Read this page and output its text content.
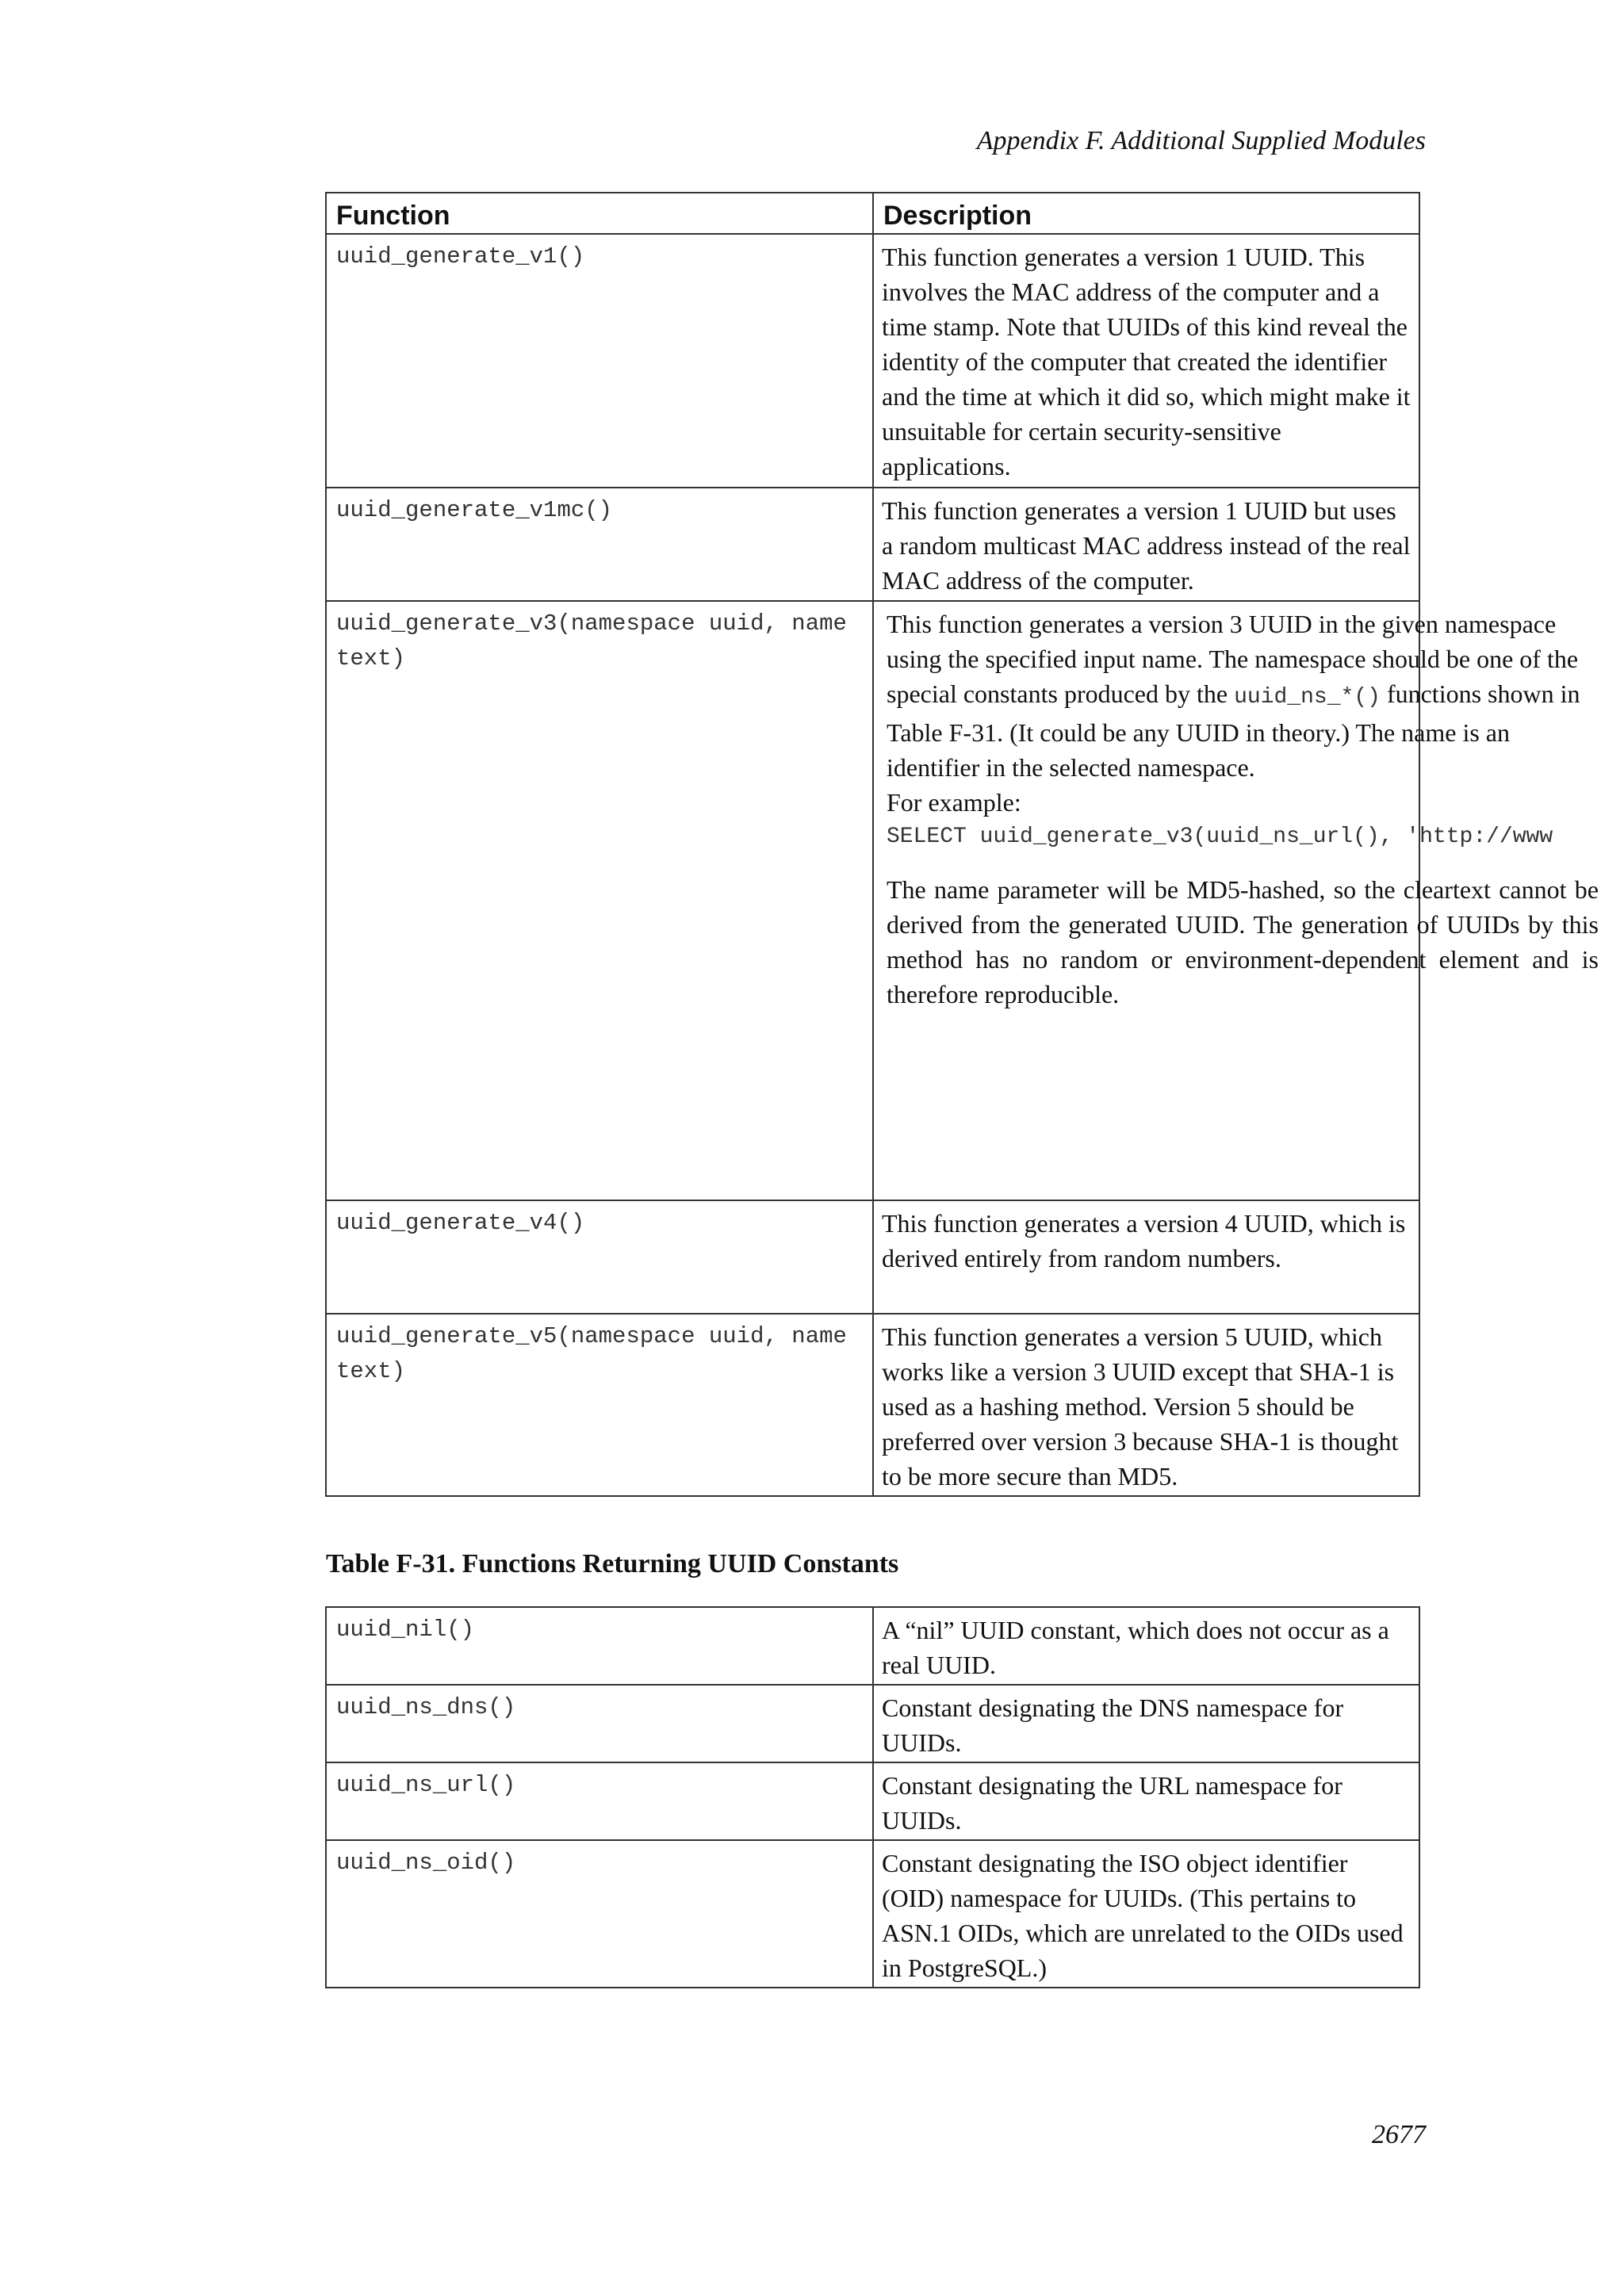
Appendix F. Additional Supplied Modules
Function	Description

uuid_generate_v1()	This function generates a version 1 UUID. This involves the MAC address of the computer and a time stamp. Note that UUIDs of this kind reveal the identity of the computer that created the identifier and the time at which it did so, which might make it unsuitable for certain security-sensitive applications.

uuid_generate_v1mc()	This function generates a version 1 UUID but uses a random multicast MAC address instead of the real MAC address of the computer.

uuid_generate_v3(namespace uuid, name text)	This function generates a version 3 UUID in the given namespace using the specified input name. The namespace should be one of the special constants produced by the uuid_ns_*() functions shown in Table F-31. (It could be any UUID in theory.) The name is an identifier in the selected namespace.

For example:

SELECT uuid_generate_v3(uuid_ns_url(), 'http://www

The name parameter will be MD5-hashed, so the cleartext cannot be derived from the generated UUID. The generation of UUIDs by this method has no random or environment-dependent element and is therefore reproducible.

uuid_generate_v4()	This function generates a version 4 UUID, which is derived entirely from random numbers.

uuid_generate_v5(namespace uuid, name text)	This function generates a version 5 UUID, which works like a version 3 UUID except that SHA-1 is used as a hashing method. Version 5 should be preferred over version 3 because SHA-1 is thought to be more secure than MD5.
Table F-31. Functions Returning UUID Constants
uuid_nil()	A “nil” UUID constant, which does not occur as a real UUID.

uuid_ns_dns()	Constant designating the DNS namespace for UUIDs.

uuid_ns_url()	Constant designating the URL namespace for UUIDs.

uuid_ns_oid()	Constant designating the ISO object identifier (OID) namespace for UUIDs. (This pertains to ASN.1 OIDs, which are unrelated to the OIDs used in PostgreSQL.)
2677
